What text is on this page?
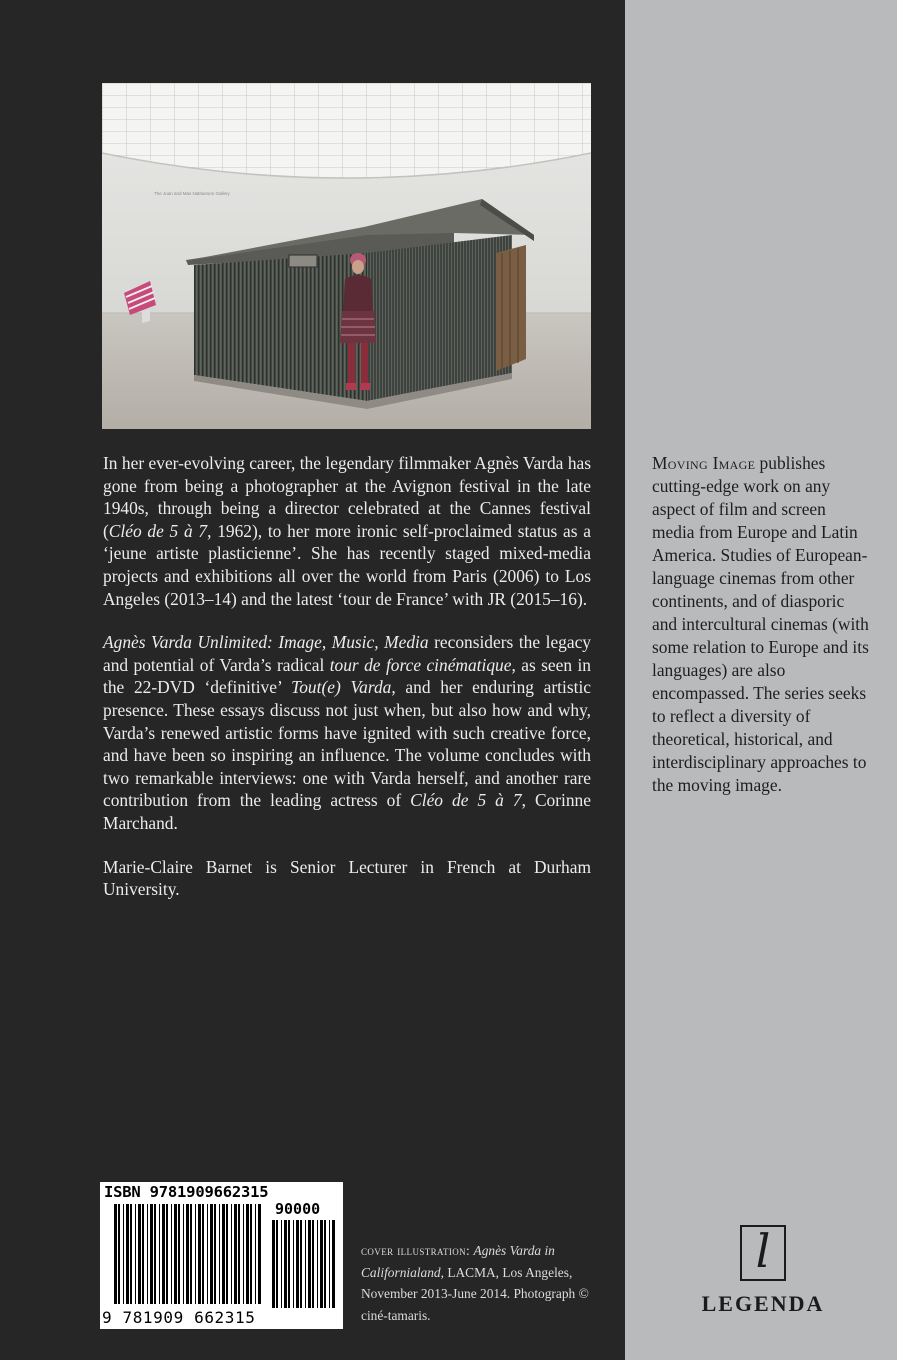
The Joan and Max Nathanson Gallery

In her ever-evolving career, the legendary filmmaker Agnès Varda has gone from being a photographer at the Avignon festival in the late 1940s, through being a director celebrated at the Cannes festival (Cléo de 5 à 7, 1962), to her more ironic self-proclaimed status as a ‘jeune artiste plasticienne’. She has recently staged mixed-media projects and exhibitions all over the world from Paris (2006) to Los Angeles (2013–14) and the latest ‘tour de France’ with JR (2015–16).

Agnès Varda Unlimited: Image, Music, Media reconsiders the legacy and potential of Varda’s radical tour de force cinématique, as seen in the 22-DVD ‘definitive’ Tout(e) Varda, and her enduring artistic presence. These essays discuss not just when, but also how and why, Varda’s renewed artistic forms have ignited with such creative force, and have been so inspiring an influence. The volume concludes with two remarkable interviews: one with Varda herself, and another rare contribution from the leading actress of Cléo de 5 à 7, Corinne Marchand.

Marie-Claire Barnet is Senior Lecturer in French at Durham University.

Moving Image publishes cutting-edge work on any aspect of film and screen media from Europe and Latin America. Studies of European-language cinemas from other continents, and of diasporic and intercultural cinemas (with some relation to Europe and its languages) are also encompassed. The series seeks to reflect a diversity of theoretical, historical, and interdisciplinary approaches to the moving image.
ISBN 9781909662315
90000
9 781909 662315
cover illustration: Agnès Varda in Californialand, LACMA, Los Angeles, November 2013-June 2014. Photograph © ciné-tamaris.
l
LEGENDA
